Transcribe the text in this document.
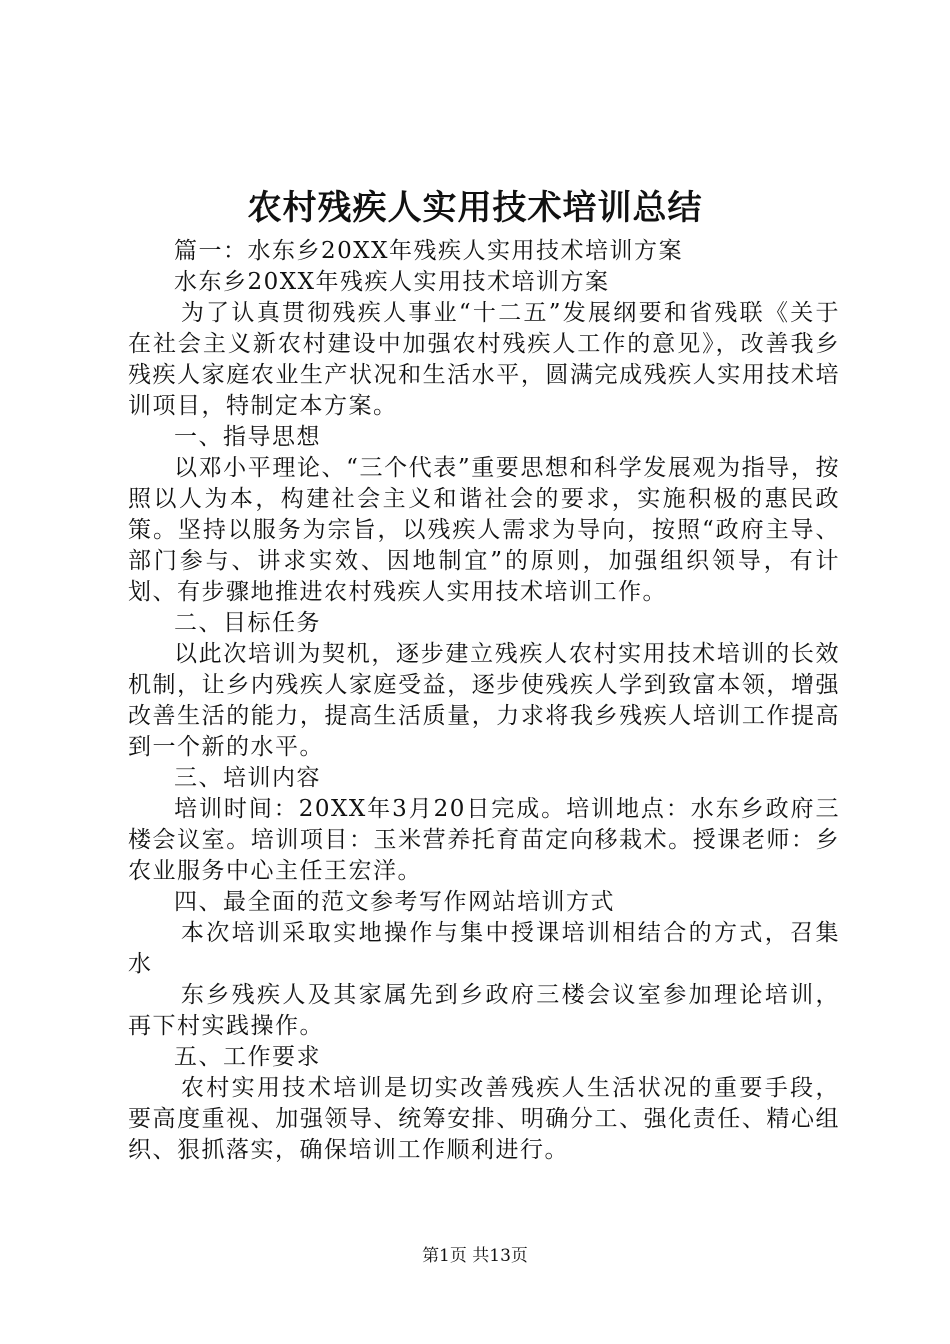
农村残疾人实用技术培训总结

篇一：水东乡20XX年残疾人实用技术培训方案

水东乡20XX年残疾人实用技术培训方案

为了认真贯彻残疾人事业“十二五”发展纲要和省残联《关于在社会主义新农村建设中加强农村残疾人工作的意见》，改善我乡残疾人家庭农业生产状况和生活水平，圆满完成残疾人实用技术培训项目，特制定本方案。

一、指导思想

以邓小平理论、“三个代表”重要思想和科学发展观为指导，按照以人为本，构建社会主义和谐社会的要求，实施积极的惠民政策。坚持以服务为宗旨，以残疾人需求为导向，按照“政府主导、部门参与、讲求实效、因地制宜”的原则，加强组织领导，有计划、有步骤地推进农村残疾人实用技术培训工作。

二、目标任务

以此次培训为契机，逐步建立残疾人农村实用技术培训的长效机制，让乡内残疾人家庭受益，逐步使残疾人学到致富本领，增强改善生活的能力，提高生活质量，力求将我乡残疾人培训工作提高到一个新的水平。

三、培训内容

培训时间：20XX年3月20日完成。培训地点：水东乡政府三楼会议室。培训项目：玉米营养托育苗定向移栽术。授课老师：乡农业服务中心主任王宏洋。

四、最全面的范文参考写作网站培训方式

本次培训采取实地操作与集中授课培训相结合的方式，召集水

东乡残疾人及其家属先到乡政府三楼会议室参加理论培训，再下村实践操作。

五、工作要求

农村实用技术培训是切实改善残疾人生活状况的重要手段，要高度重视、加强领导、统筹安排、明确分工、强化责任、精心组织、狠抓落实，确保培训工作顺利进行。

第1页 共13页
